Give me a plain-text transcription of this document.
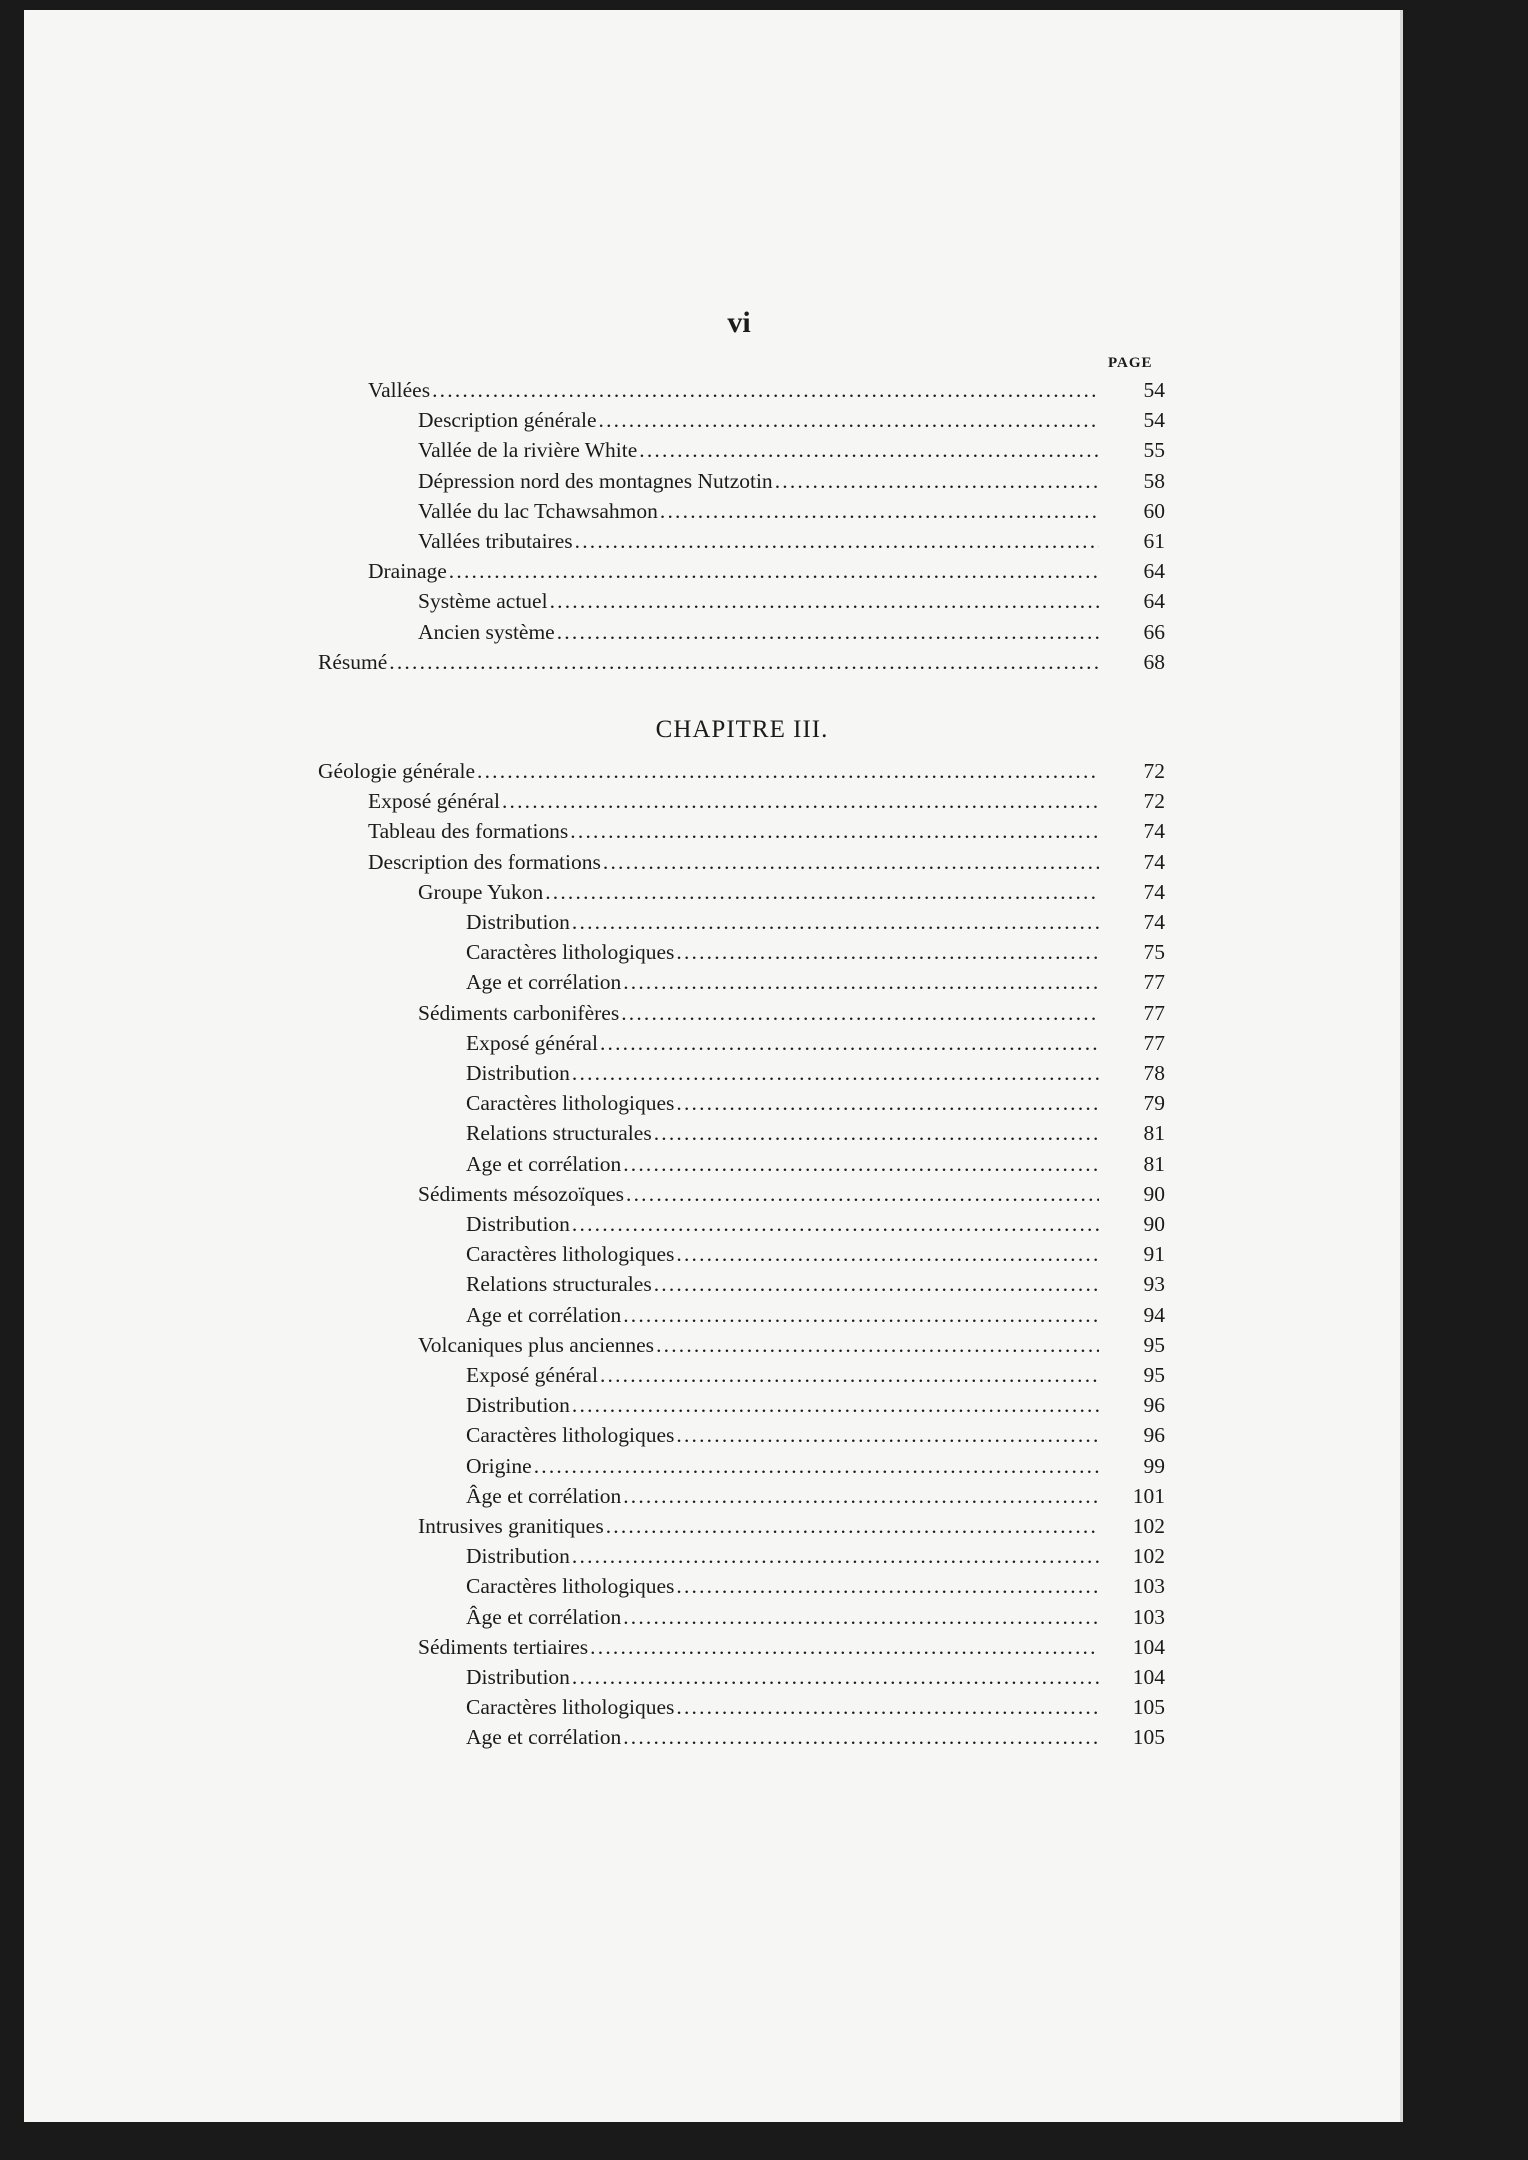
vi
PAGE
CHAPITRE III.
Vallées .....	54
Description générale .....	54
Vallée de la rivière White .....	55
Dépression nord des montagnes Nutzotin .....	58
Vallée du lac Tchawsahmon .....	60
Vallées tributaires .....	61
Drainage .....	64
Système actuel .....	64
Ancien système .....	66
Résumé .....	68
Géologie générale .....	72
Exposé général .....	72
Tableau des formations .....	74
Description des formations .....	74
Groupe Yukon .....	74
Distribution .....	74
Caractères lithologiques .....	75
Age et corrélation .....	77
Sédiments carbonifères .....	77
Exposé général .....	77
Distribution .....	78
Caractères lithologiques .....	79
Relations structurales .....	81
Age et corrélation .....	81
Sédiments mésozoïques .....	90
Distribution .....	90
Caractères lithologiques .....	91
Relations structurales .....	93
Age et corrélation .....	94
Volcaniques plus anciennes .....	95
Exposé général .....	95
Distribution .....	96
Caractères lithologiques .....	96
Origine .....	99
Âge et corrélation .....	101
Intrusives granitiques .....	102
Distribution .....	102
Caractères lithologiques .....	103
Âge et corrélation .....	103
Sédiments tertiaires .....	104
Distribution .....	104
Caractères lithologiques .....	105
Age et corrélation .....	105
